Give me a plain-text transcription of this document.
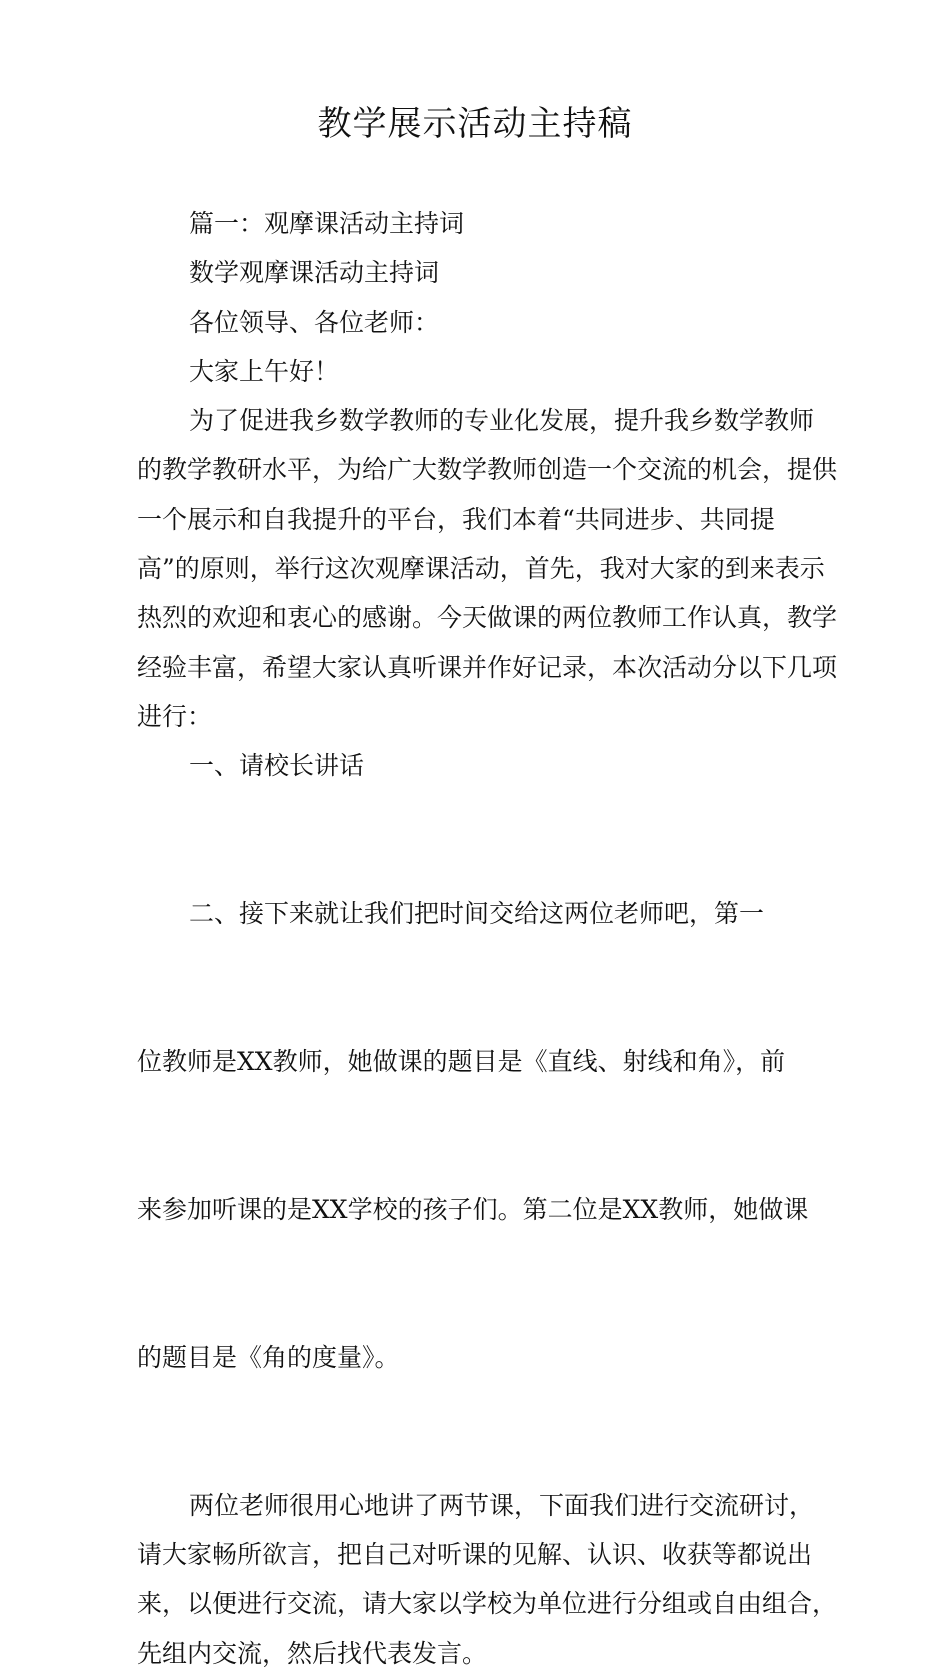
教学展示活动主持稿

篇一：观摩课活动主持词

数学观摩课活动主持词

各位领导、各位老师：

大家上午好！

为了促进我乡数学教师的专业化发展，提升我乡数学教师的教学教研水平，为给广大数学教师创造一个交流的机会，提供一个展示和自我提升的平台，我们本着“共同进步、共同提高”的原则，举行这次观摩课活动，首先，我对大家的到来表示热烈的欢迎和衷心的感谢。今天做课的两位教师工作认真，教学经验丰富，希望大家认真听课并作好记录，本次活动分以下几项进行：

一、请校长讲话

二、接下来就让我们把时间交给这两位老师吧，第一

位教师是XX教师，她做课的题目是《直线、射线和角》，前

来参加听课的是XX学校的孩子们。第二位是XX教师，她做课

的题目是《角的度量》。

两位老师很用心地讲了两节课，下面我们进行交流研讨，请大家畅所欲言，把自己对听课的见解、认识、收获等都说出来，以便进行交流，请大家以学校为单位进行分组或自由组合，先组内交流，然后找代表发言。
